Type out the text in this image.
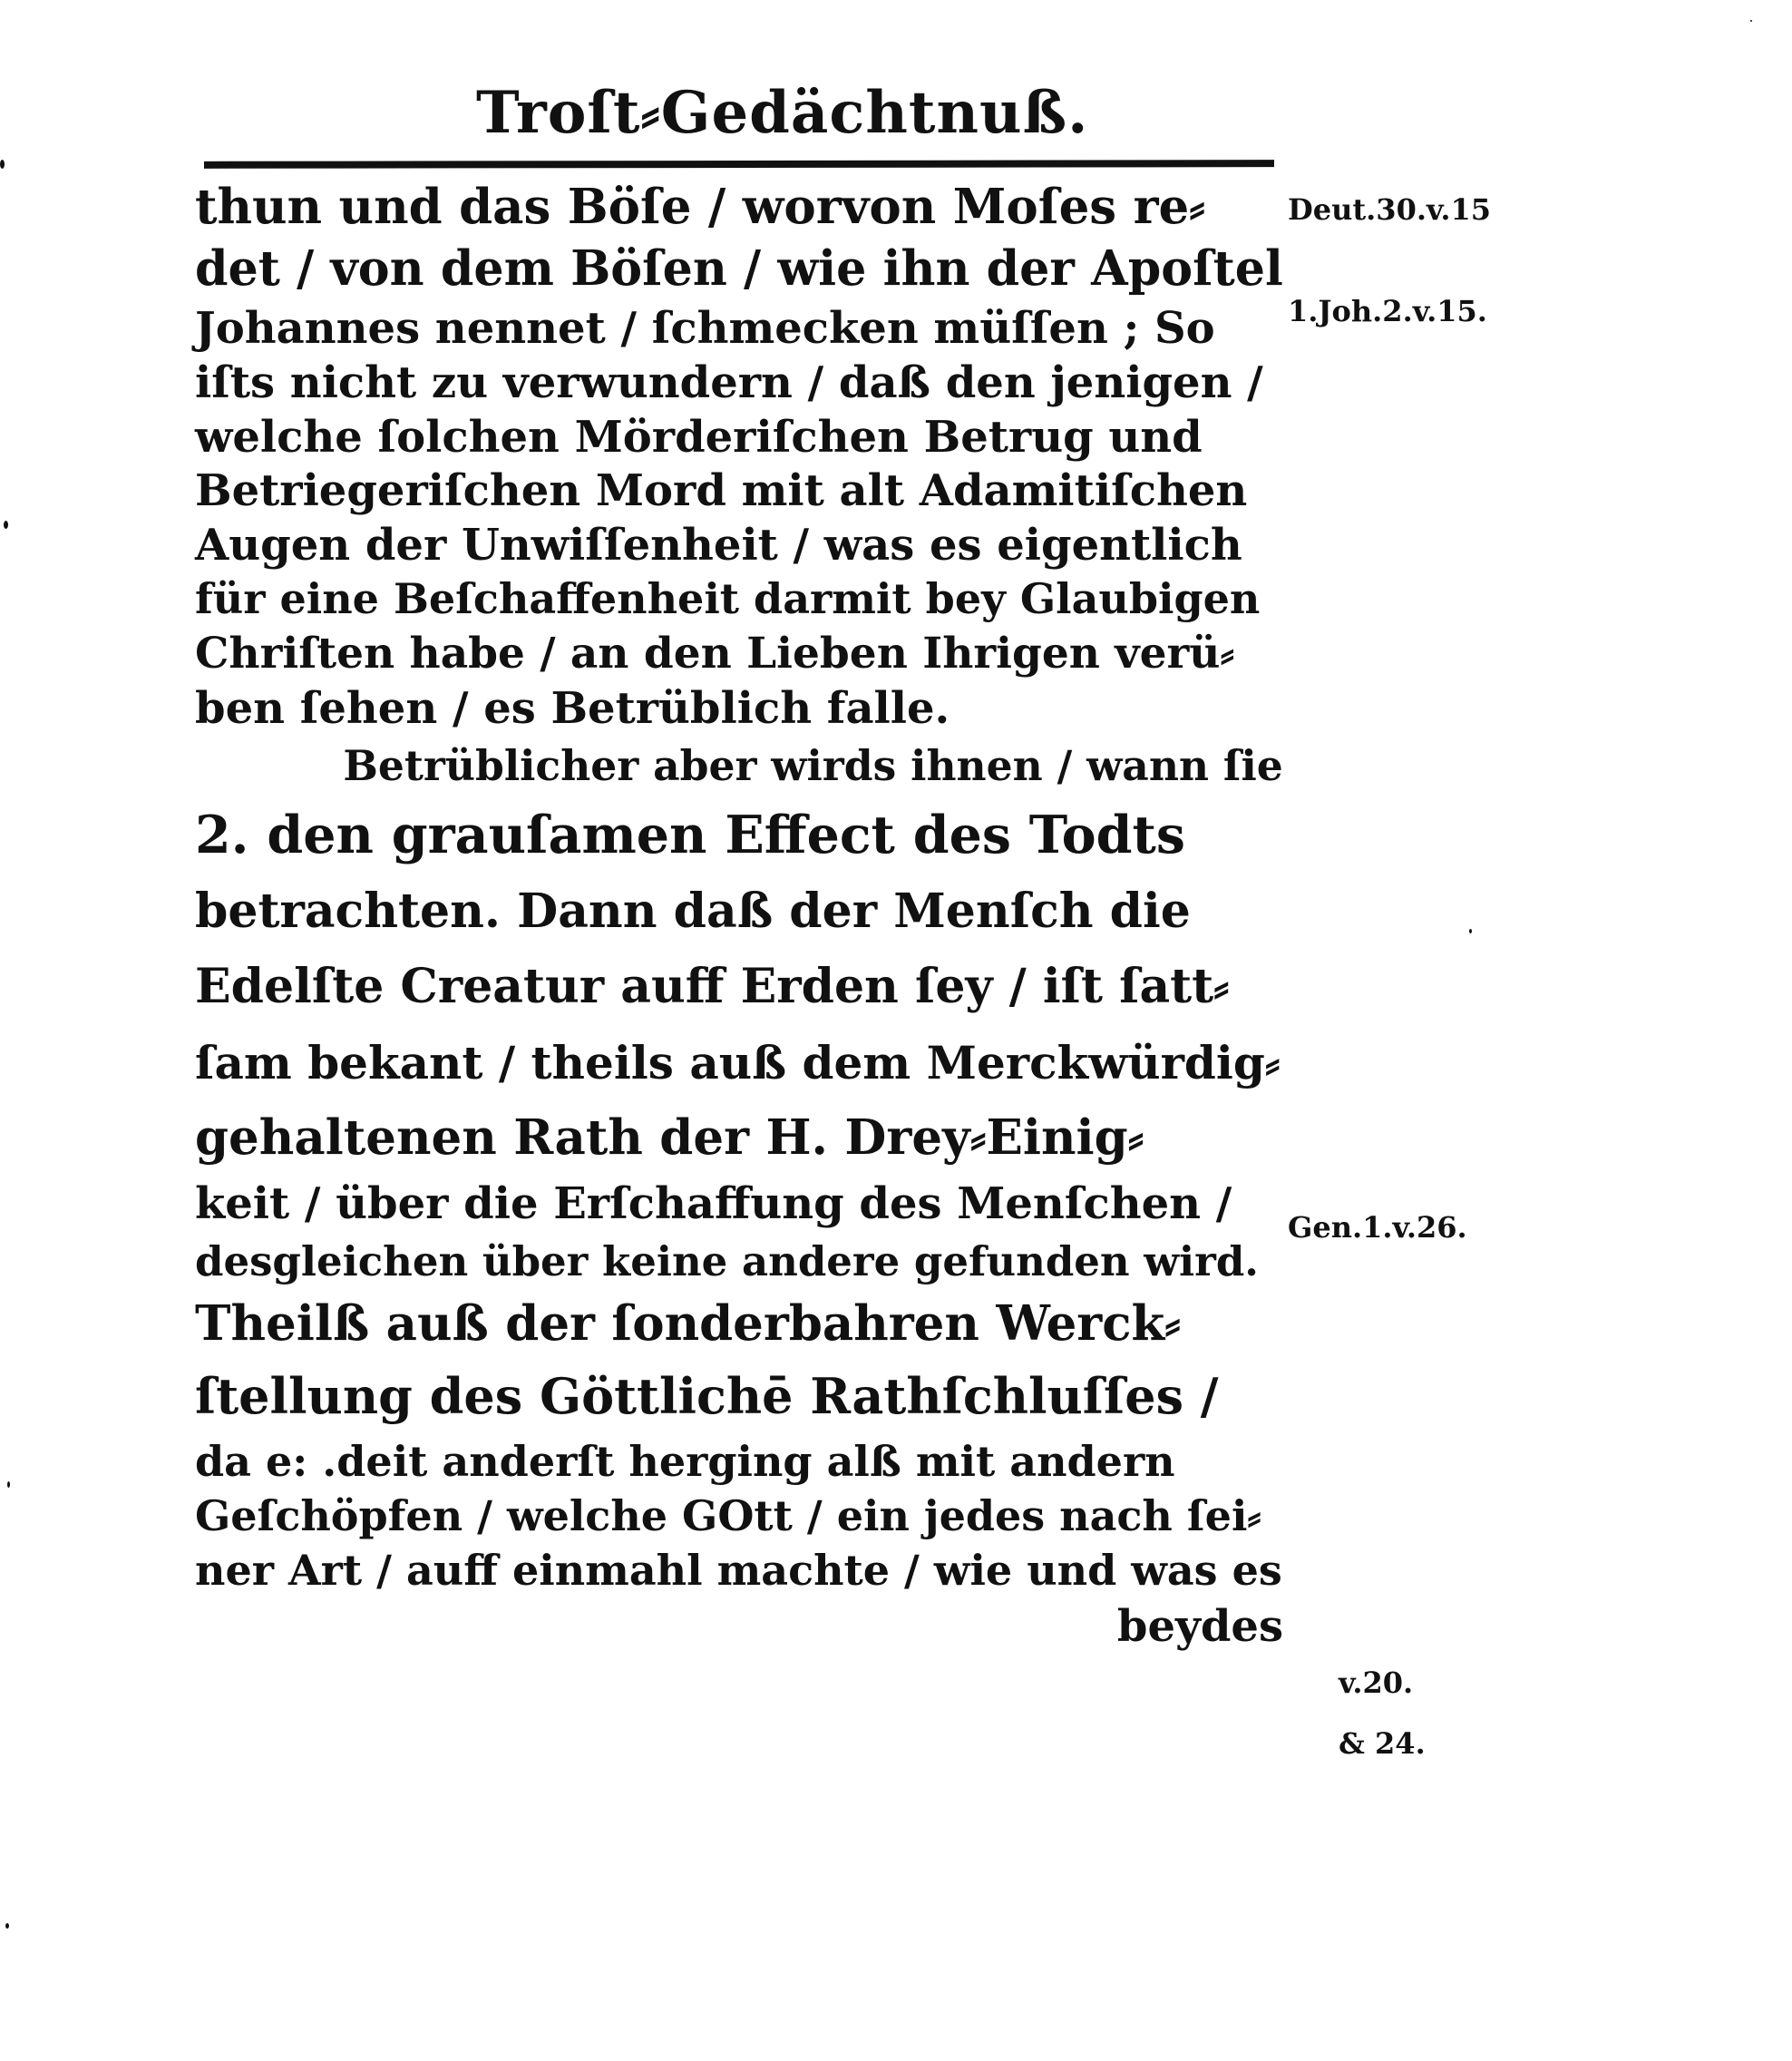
Troſt⸗Gedächtnuß.
thun und das Böſe / worvon Moſes re⸗
det / von dem Böſen / wie ihn der Apoſtel
Johannes nennet / ſchmecken müſſen ; So
iſts nicht zu verwundern / daß den jenigen /
welche ſolchen Mörderiſchen Betrug und
Betriegeriſchen Mord mit alt Adamitiſchen
Augen der Unwiſſenheit / was es eigentlich
für eine Beſchaffenheit darmit bey Glaubigen
Chriſten habe / an den Lieben Ihrigen verü⸗
ben ſehen / es Betrüblich falle.
Betrüblicher aber wirds ihnen / wann ſie
2. den grauſamen Effect des Todts
betrachten. Dann daß der Menſch die
Edelſte Creatur auff Erden ſey / iſt ſatt⸗
ſam bekant / theils auß dem Merckwürdig⸗
gehaltenen Rath der H. Drey⸗Einig⸗
keit / über die Erſchaffung des Menſchen /
desgleichen über keine andere gefunden wird.
Theilß auß der ſonderbahren Werck⸗
ſtellung des Göttlichē Rathſchluſſes /
da e: .deit anderſt herging alß mit andern
Geſchöpfen / welche GOtt / ein jedes nach ſei⸗
ner Art / auff einmahl machte / wie und was es
beydes
Deut.30.v.15
1.Joh.2.v.15.
Gen.1.v.26.
v.20.
& 24.
